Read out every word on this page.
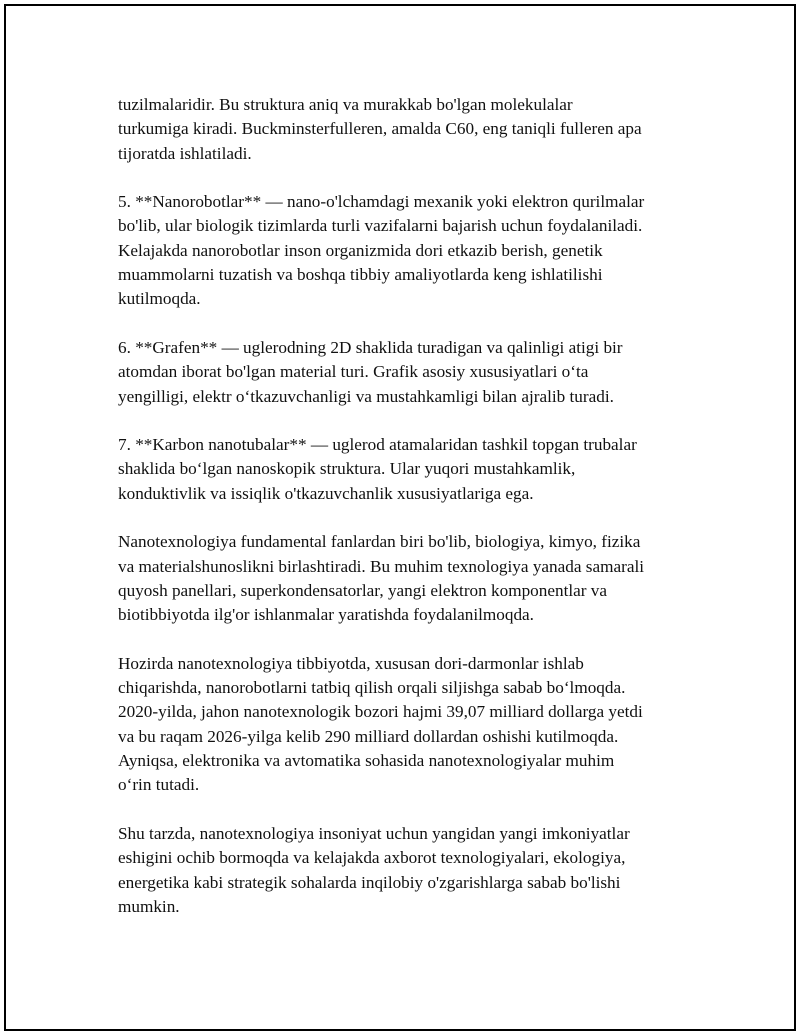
tuzilmalaridir. Bu struktura aniq va murakkab bo'lgan molekulalar
turkumiga kiradi. Buckminsterfulleren, amalda C60, eng taniqli fulleren apa
tijoratda ishlatiladi.

5. **Nanorobotlar** — nano-o'lchamdagi mexanik yoki elektron qurilmalar
bo'lib, ular biologik tizimlarda turli vazifalarni bajarish uchun foydalaniladi.
Kelajakda nanorobotlar inson organizmida dori etkazib berish, genetik
muammolarni tuzatish va boshqa tibbiy amaliyotlarda keng ishlatilishi
kutilmoqda.

6. **Grafen** — uglerodning 2D shaklida turadigan va qalinligi atigi bir
atomdan iborat bo'lgan material turi. Grafik asosiy xususiyatlari o‘ta
yengilligi, elektr o‘tkazuvchanligi va mustahkamligi bilan ajralib turadi.

7. **Karbon nanotubalar** — uglerod atamalaridan tashkil topgan trubalar
shaklida bo‘lgan nanoskopik struktura. Ular yuqori mustahkamlik,
konduktivlik va issiqlik o'tkazuvchanlik xususiyatlariga ega.

Nanotexnologiya fundamental fanlardan biri bo'lib, biologiya, kimyo, fizika
va materialshunoslikni birlashtiradi. Bu muhim texnologiya yanada samarali
quyosh panellari, superkondensatorlar, yangi elektron komponentlar va
biotibbiyotda ilg'or ishlanmalar yaratishda foydalanilmoqda.

Hozirda nanotexnologiya tibbiyotda, xususan dori-darmonlar ishlab
chiqarishda, nanorobotlarni tatbiq qilish orqali siljishga sabab bo‘lmoqda.
2020-yilda, jahon nanotexnologik bozori hajmi 39,07 milliard dollarga yetdi
va bu raqam 2026-yilga kelib 290 milliard dollardan oshishi kutilmoqda.
Ayniqsa, elektronika va avtomatika sohasida nanotexnologiyalar muhim
o‘rin tutadi.

Shu tarzda, nanotexnologiya insoniyat uchun yangidan yangi imkoniyatlar
eshigini ochib bormoqda va kelajakda axborot texnologiyalari, ekologiya,
energetika kabi strategik sohalarda inqilobiy o'zgarishlarga sabab bo'lishi
mumkin.
